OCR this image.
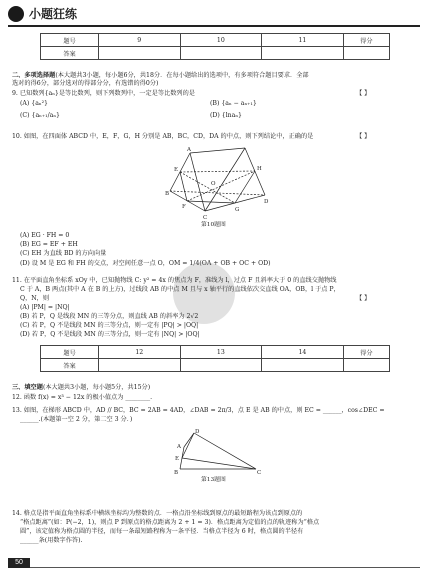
小题狂练
题号	9	10	11	得分
答案				
二、多项选择题(本大题共3小题，每小题6分，共18分．在每小题给出的选项中，有多项符合题目要求．全部
选对的得6分，部分选对的得部分分，有选错的得0分)
9. 已知数列{aₙ}是等比数列，则下列数列中，一定是等比数列的是	【 】
(A) {aₙ²}	(B) {aₙ − aₙ₊₁}
(C) {aₙ₊₁/aₙ}	(D) {lnaₙ}
10. 如图，在四面体 ABCD 中，E，F，G，H 分别是 AB，BC，CD，DA 的中点，则下列结论中，正确的是	【 】
A
B
C
D
E
F	G
H
O
第10题图
(A) EG · FH = 0
(B) EG = EF + EH
(C) EH 为直线 BD 的方向向量
(D) 设 M 是 EG 和 FH 的交点，对空间任意一点 O，OM = 1/4(OA + OB + OC + OD)
11. 在平面直角坐标系 xOy 中，已知抛物线 C: y² = 4x 的焦点为 F，准线为 l，过点 F 且斜率大于 0 的直线交抛物线
C 于 A，B 两点(其中 A 在 B 的上方)，过线段 AB 的中点 M 且与 x 轴平行的直线依次交直线 OA，OB，l 于点 P，
Q，N，则	【 】
(A) |PM| = |NQ|
(B) 若 P，Q 是线段 MN 的三等分点，则直线 AB 的斜率为 2√2
(C) 若 P，Q 不是线段 MN 的三等分点，则一定有 |PQ| > |OQ|
(D) 若 P，Q 不是线段 MN 的三等分点，则一定有 |NQ| > |OQ|
题号	12	13	14	得分
答案				
三、填空题(本大题共3小题，每小题5分，共15分)
12. 函数 f(x) = x³ − 12x 的极小值点为 ________.
13. 如图，在梯形 ABCD 中，AD // BC，BC = 2AB = 4AD，∠DAB = 2π/3，点 E 是 AB 的中点，则 EC = ______，cos∠DEC =
______.(本题第一空 2 分，第二空 3 分．)
A
B	C
D
E
第13题图
14. 格点是指平面直角坐标系中横纵坐标均为整数的点．一格点沿坐标线到原点的最短路程为该点到原点的
“格点距离”(如：P(−2，1)，则点 P 到原点的格点距离为 2 + 1 = 3)．格点距离为定值的点的轨迹称为“格点
圆”，该定值称为格点圆的半径，而每一条最短路程称为一条平径．当格点半径为 6 时，格点圆的半径有
______条(用数字作答).
50
